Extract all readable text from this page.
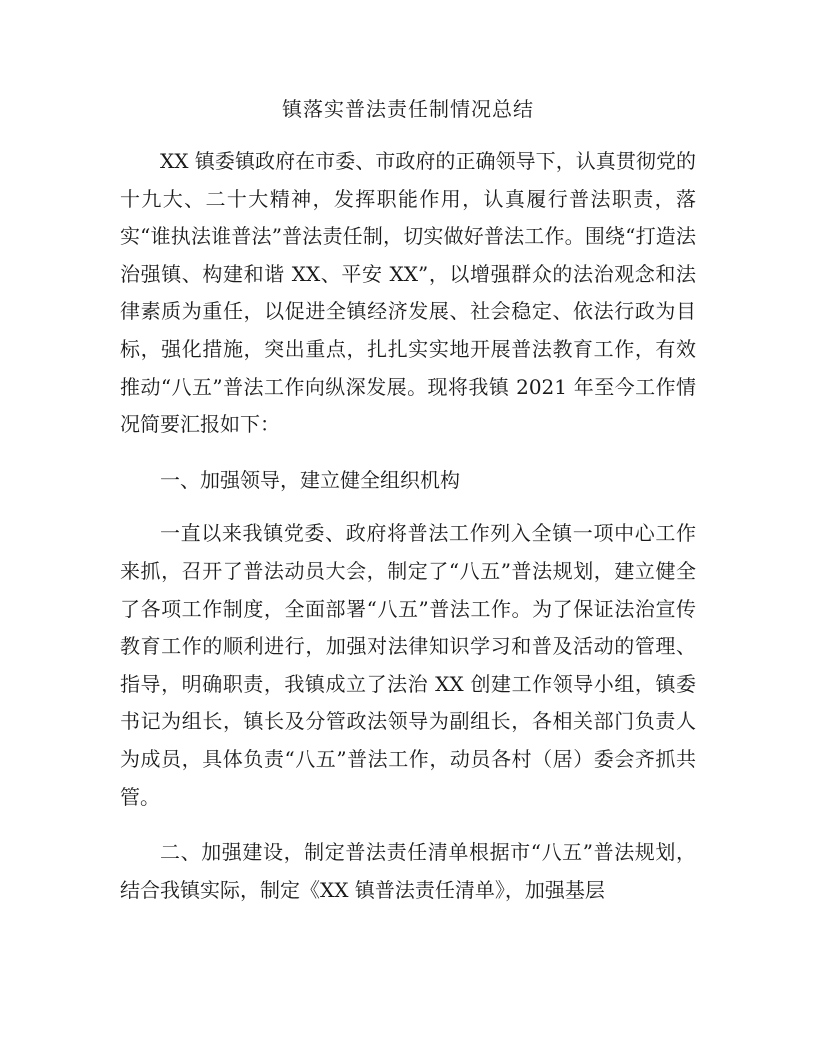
镇落实普法责任制情况总结

XX 镇委镇政府在市委、市政府的正确领导下，认真贯彻党的十九大、二十大精神，发挥职能作用，认真履行普法职责，落实“谁执法谁普法”普法责任制，切实做好普法工作。围绕“打造法治强镇、构建和谐 XX、平安 XX”，以增强群众的法治观念和法律素质为重任，以促进全镇经济发展、社会稳定、依法行政为目标，强化措施，突出重点，扎扎实实地开展普法教育工作，有效推动“八五”普法工作向纵深发展。现将我镇 2021 年至今工作情况简要汇报如下：

一、加强领导，建立健全组织机构

一直以来我镇党委、政府将普法工作列入全镇一项中心工作来抓，召开了普法动员大会，制定了“八五”普法规划，建立健全了各项工作制度，全面部署“八五”普法工作。为了保证法治宣传教育工作的顺利进行，加强对法律知识学习和普及活动的管理、指导，明确职责，我镇成立了法治 XX 创建工作领导小组，镇委书记为组长，镇长及分管政法领导为副组长，各相关部门负责人为成员，具体负责“八五”普法工作，动员各村（居）委会齐抓共管。

二、加强建设，制定普法责任清单根据市“八五”普法规划，结合我镇实际，制定《XX 镇普法责任清单》，加强基层
